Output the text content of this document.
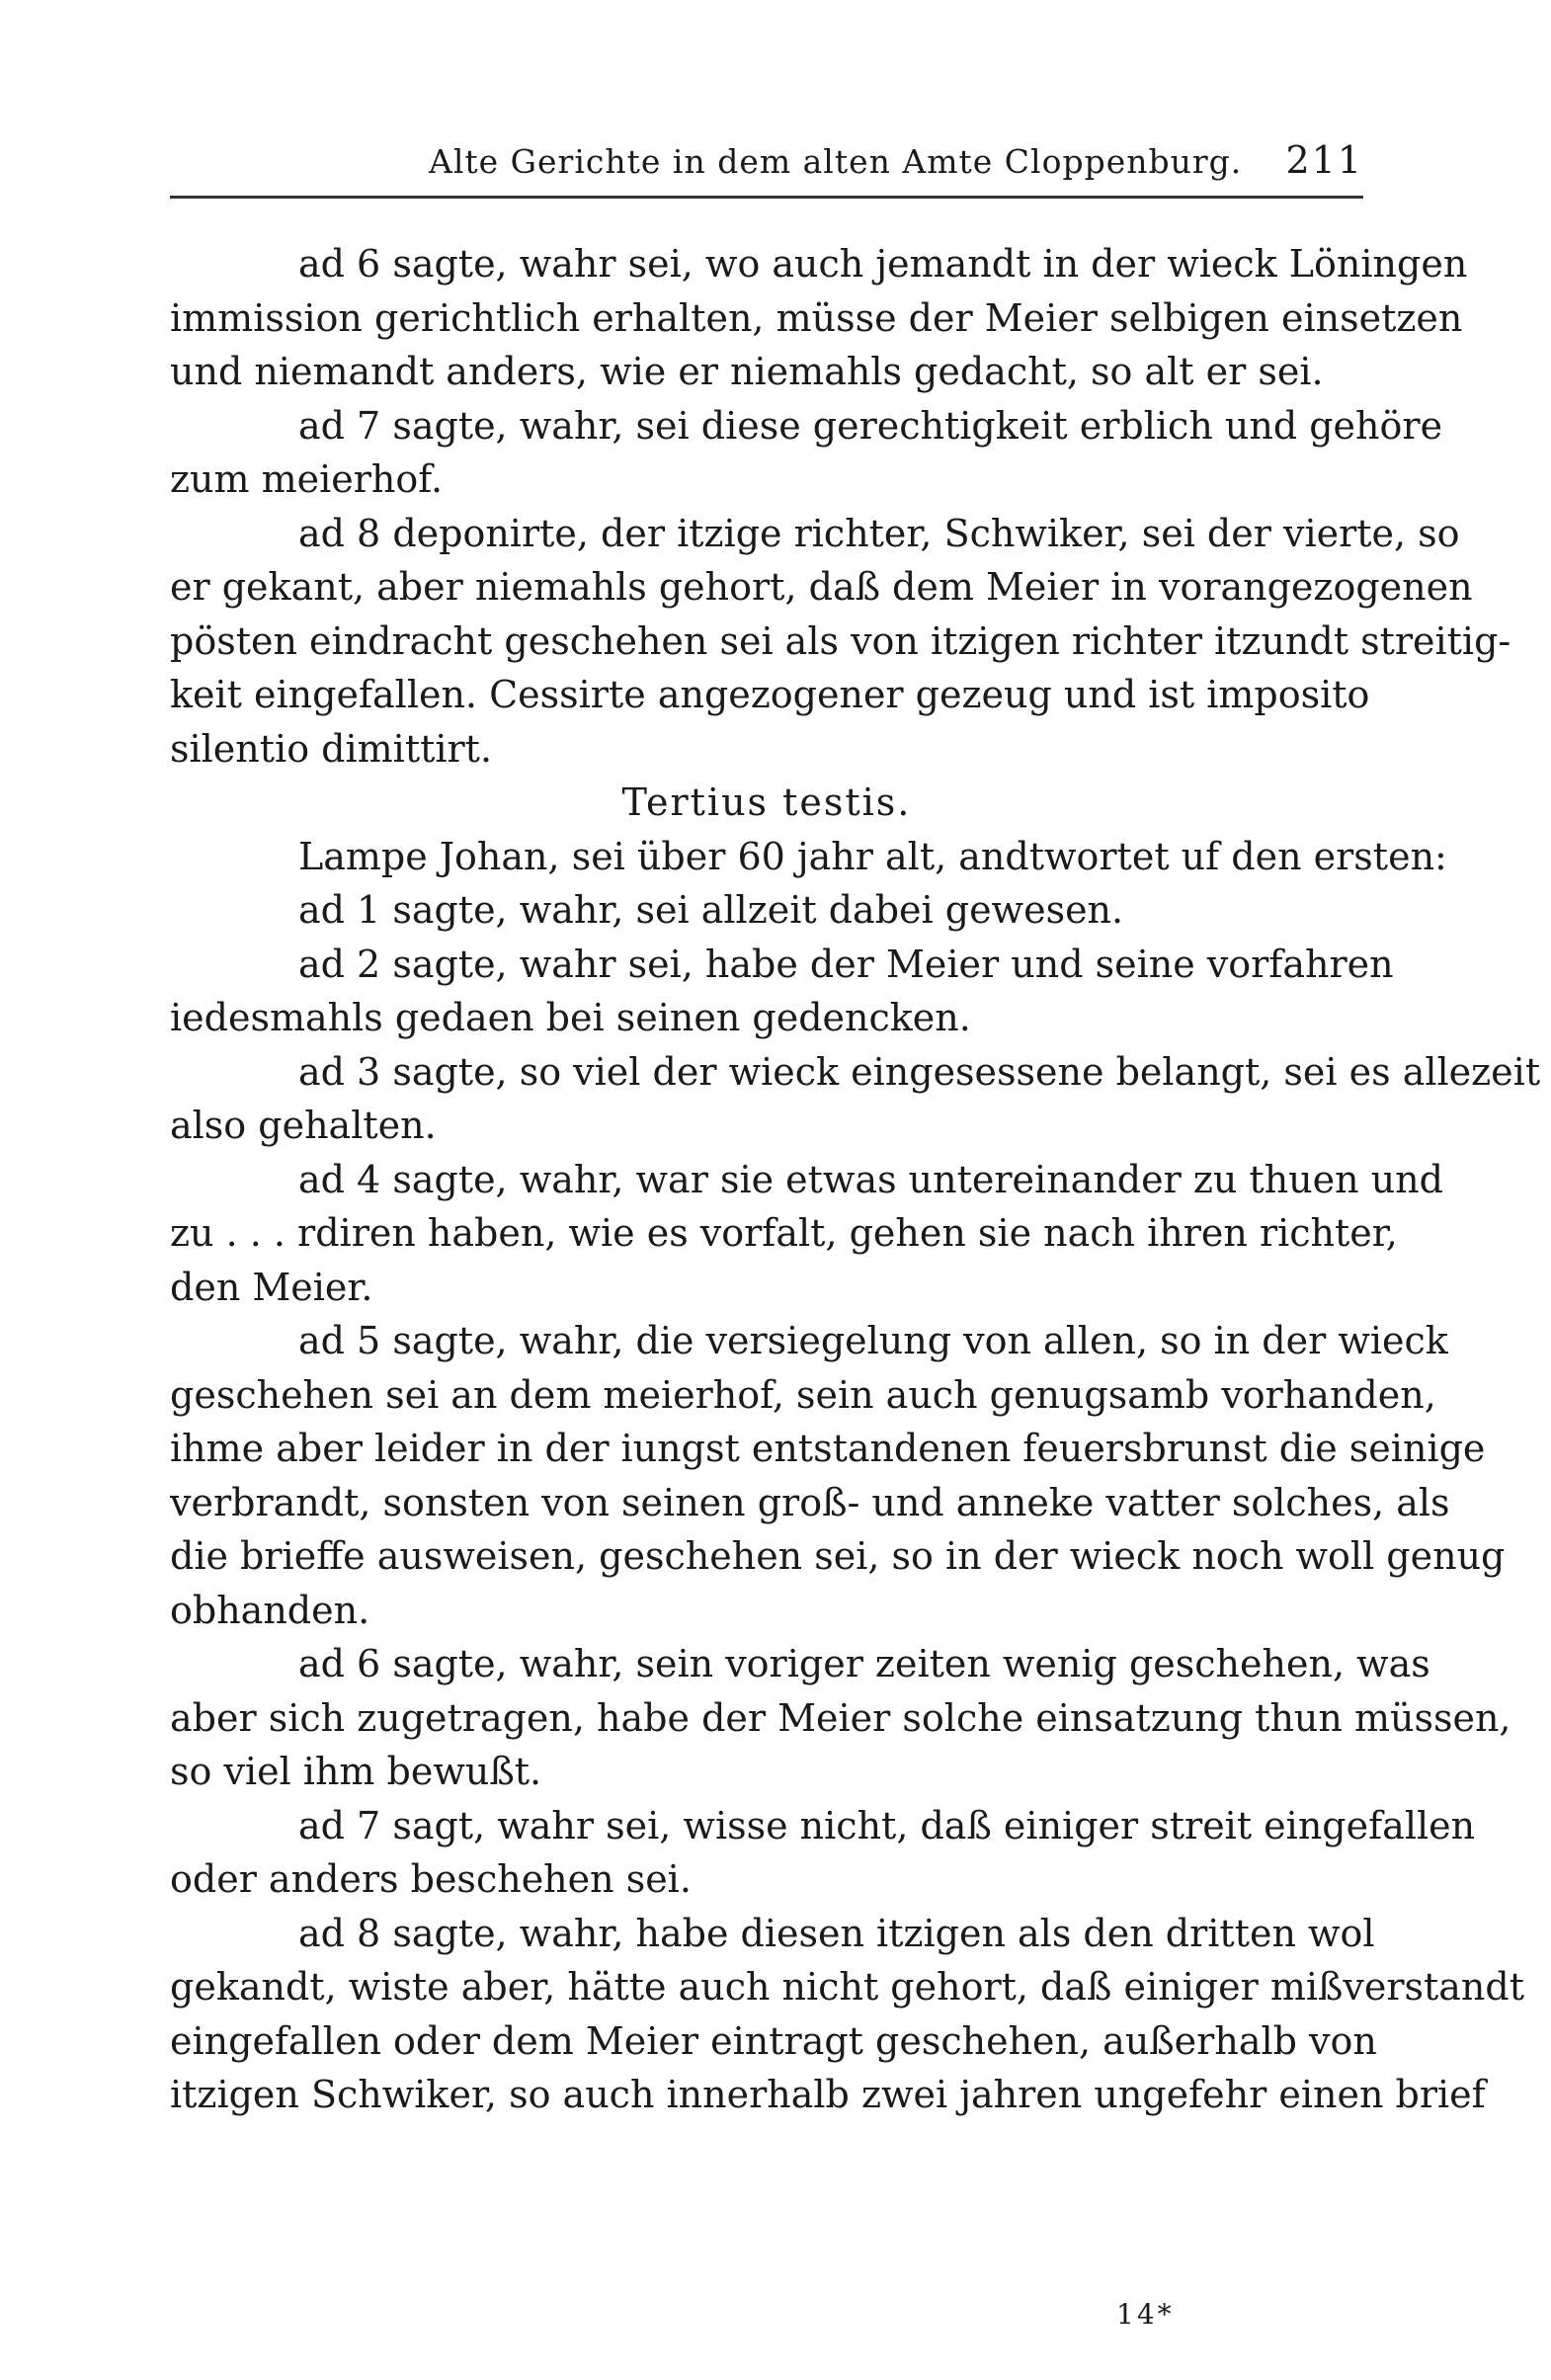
Alte Gerichte in dem alten Amte Cloppenburg. 211
ad 6 sagte, wahr sei, wo auch jemandt in der wieck Löningen
immission gerichtlich erhalten, müsse der Meier selbigen einsetzen
und niemandt anders, wie er niemahls gedacht, so alt er sei.
ad 7 sagte, wahr, sei diese gerechtigkeit erblich und gehöre
zum meierhof.
ad 8 deponirte, der itzige richter, Schwiker, sei der vierte, so
er gekant, aber niemahls gehort, daß dem Meier in vorangezogenen
pösten eindracht geschehen sei als von itzigen richter itzundt streitig-
keit eingefallen. Cessirte angezogener gezeug und ist imposito
silentio dimittirt.
Tertius testis.
Lampe Johan, sei über 60 jahr alt, andtwortet uf den ersten:
ad 1 sagte, wahr, sei allzeit dabei gewesen.
ad 2 sagte, wahr sei, habe der Meier und seine vorfahren
iedesmahls gedaen bei seinen gedencken.
ad 3 sagte, so viel der wieck eingesessene belangt, sei es allezeit
also gehalten.
ad 4 sagte, wahr, war sie etwas untereinander zu thuen und
zu . . . rdiren haben, wie es vorfalt, gehen sie nach ihren richter,
den Meier.
ad 5 sagte, wahr, die versiegelung von allen, so in der wieck
geschehen sei an dem meierhof, sein auch genugsamb vorhanden,
ihme aber leider in der iungst entstandenen feuersbrunst die seinige
verbrandt, sonsten von seinen groß- und anneke vatter solches, als
die brieffe ausweisen, geschehen sei, so in der wieck noch woll genug
obhanden.
ad 6 sagte, wahr, sein voriger zeiten wenig geschehen, was
aber sich zugetragen, habe der Meier solche einsatzung thun müssen,
so viel ihm bewußt.
ad 7 sagt, wahr sei, wisse nicht, daß einiger streit eingefallen
oder anders beschehen sei.
ad 8 sagte, wahr, habe diesen itzigen als den dritten wol
gekandt, wiste aber, hätte auch nicht gehort, daß einiger mißverstandt
eingefallen oder dem Meier eintragt geschehen, außerhalb von
itzigen Schwiker, so auch innerhalb zwei jahren ungefehr einen brief
14*
